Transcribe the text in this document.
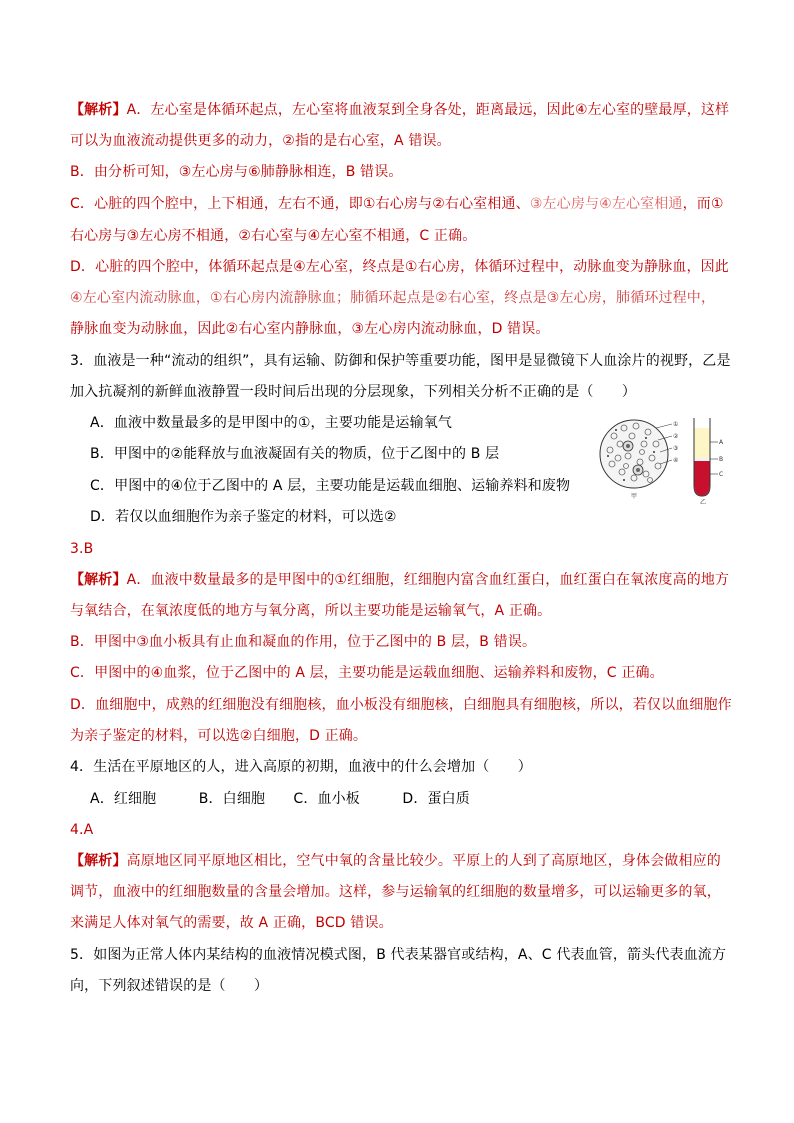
【解析】A．左心室是体循环起点，左心室将血液泵到全身各处，距离最远，因此④左心室的壁最厚，这样
可以为血液流动提供更多的动力，②指的是右心室，A 错误。
B．由分析可知，③左心房与⑥肺静脉相连，B 错误。
C．心脏的四个腔中，上下相通，左右不通，即①右心房与②右心室相通、③左心房与④左心室相通，而①
右心房与③左心房不相通，②右心室与④左心室不相通，C 正确。
D．心脏的四个腔中，体循环起点是④左心室，终点是①右心房，体循环过程中，动脉血变为静脉血，因此
④左心室内流动脉血，①右心房内流静脉血；肺循环起点是②右心室，终点是③左心房，肺循环过程中，
静脉血变为动脉血，因此②右心室内静脉血，③左心房内流动脉血，D 错误。
3．血液是一种“流动的组织”，具有运输、防御和保护等重要功能，图甲是显微镜下人血涂片的视野，乙是
加入抗凝剂的新鲜血液静置一段时间后出现的分层现象，下列相关分析不正确的是（　　）
A．血液中数量最多的是甲图中的①，主要功能是运输氧气
B．甲图中的②能释放与血液凝固有关的物质，位于乙图中的 B 层
C．甲图中的④位于乙图中的 A 层，主要功能是运载血细胞、运输养料和废物
D．若仅以血细胞作为亲子鉴定的材料，可以选②
①
②
③
④
甲
A
B
C
乙
3.B
【解析】A．血液中数量最多的是甲图中的①红细胞，红细胞内富含血红蛋白，血红蛋白在氧浓度高的地方
与氧结合，在氧浓度低的地方与氧分离，所以主要功能是运输氧气，A 正确。
B．甲图中③血小板具有止血和凝血的作用，位于乙图中的 B 层，B 错误。
C．甲图中的④血浆，位于乙图中的 A 层，主要功能是运载血细胞、运输养料和废物，C 正确。
D．血细胞中，成熟的红细胞没有细胞核，血小板没有细胞核，白细胞具有细胞核，所以，若仅以血细胞作
为亲子鉴定的材料，可以选②白细胞，D 正确。
4．生活在平原地区的人，进入高原的初期，血液中的什么会增加（　　）
A．红细胞　　　B．白细胞　　C．血小板　　　D．蛋白质
4.A
【解析】高原地区同平原地区相比，空气中氧的含量比较少。平原上的人到了高原地区，身体会做相应的
调节，血液中的红细胞数量的含量会增加。这样，参与运输氧的红细胞的数量增多，可以运输更多的氧，
来满足人体对氧气的需要，故 A 正确，BCD 错误。
5．如图为正常人体内某结构的血液情况模式图，B 代表某器官或结构，A、C 代表血管，箭头代表血流方
向，下列叙述错误的是（　　）
